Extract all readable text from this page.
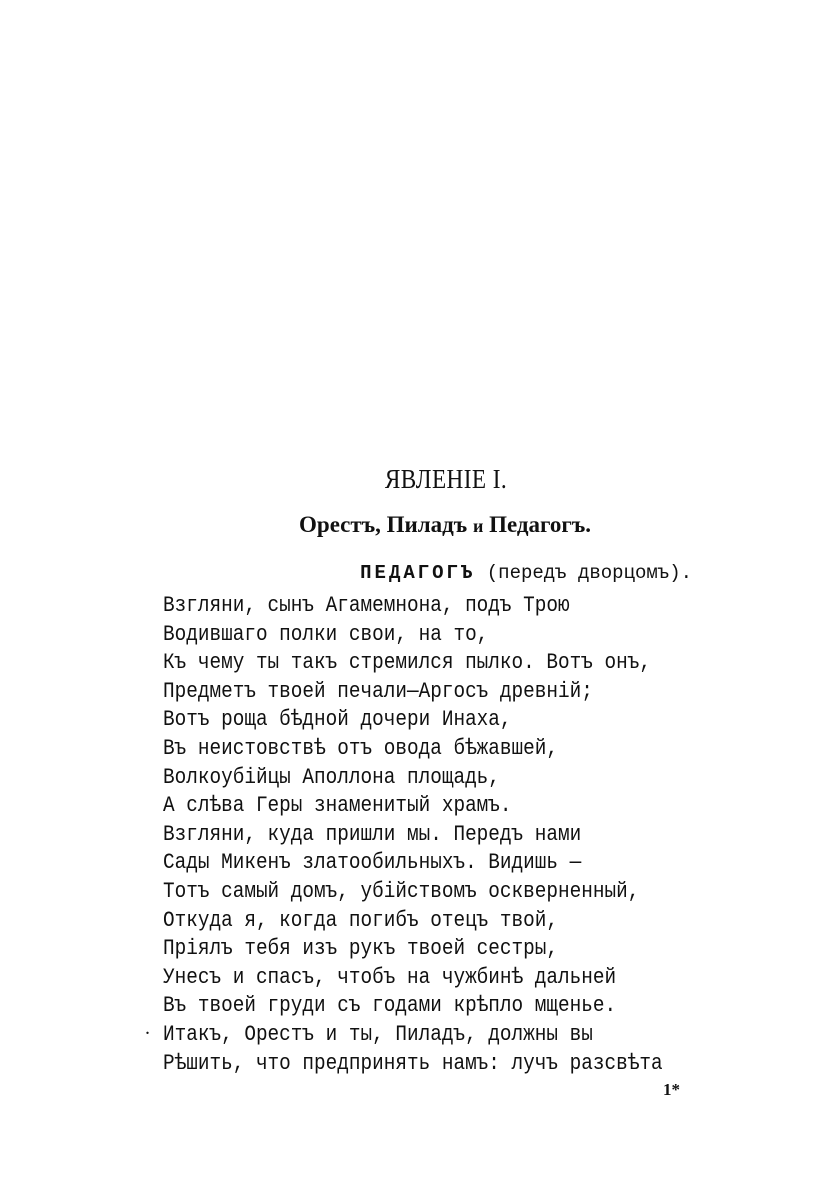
ЯВЛЕНІЕ I.
Орестъ, Пиладъ и Педагогъ.
ПЕДАГОГЪ (передъ дворцомъ).
Взгляни, сынъ Агамемнона, подъ Трою
Водившаго полки свои, на то,
Къ чему ты такъ стремился пылко. Вотъ онъ,
Предметъ твоей печали—Аргосъ древній;
Вотъ роща бѣдной дочери Инаха,
Въ неистовствѣ отъ овода бѣжавшей,
Волкоубійцы Аполлона площадь,
А слѣва Геры знаменитый храмъ.
Взгляни, куда пришли мы. Передъ нами
Сады Микенъ златообильныхъ. Видишь —
Тотъ самый домъ, убійствомъ оскверненный,
Откуда я, когда погибъ отецъ твой,
Пріялъ тебя изъ рукъ твоей сестры,
Унесъ и спасъ, чтобъ на чужбинѣ дальней
Въ твоей груди съ годами крѣпло мщенье.
Итакъ, Орестъ и ты, Пиладъ, должны вы
Рѣшить, что предпринять намъ: лучъ разсвѣта
.
1*
